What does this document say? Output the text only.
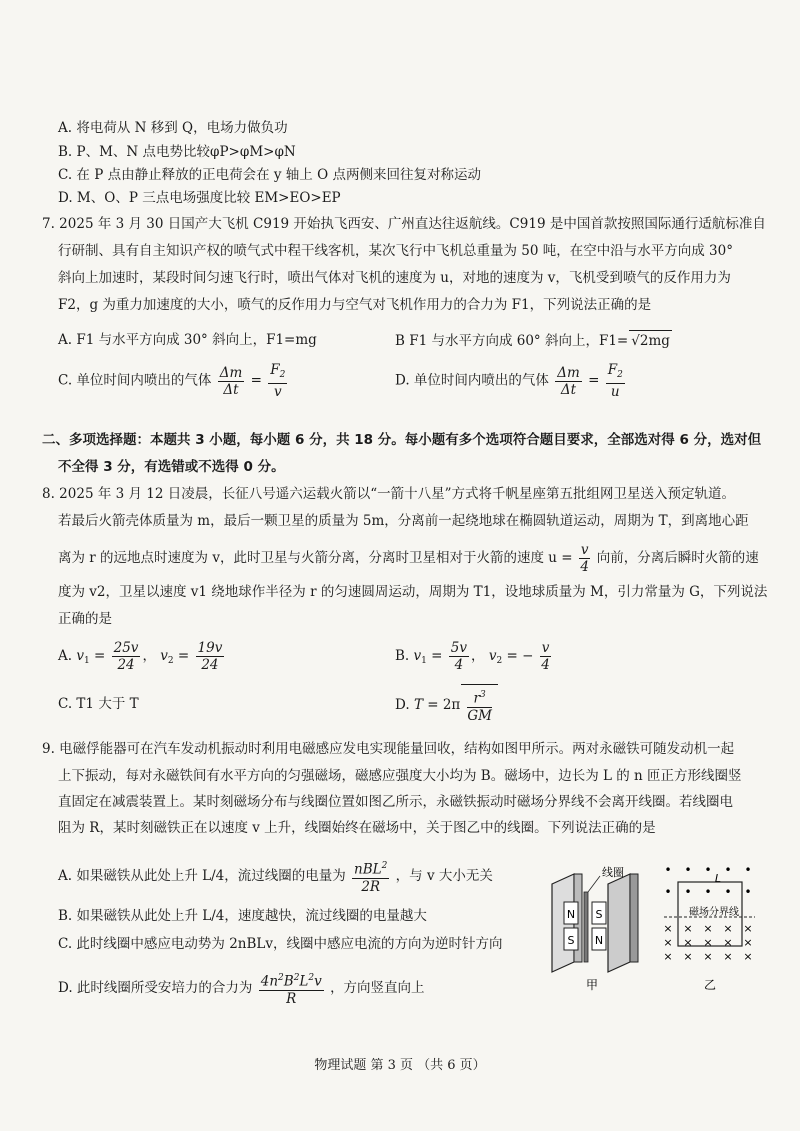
A. 将电荷从 N 移到 Q，电场力做负功
B. P、M、N 点电势比较φP>φM>φN
C. 在 P 点由静止释放的正电荷会在 y 轴上 O 点两侧来回往复对称运动
D. M、O、P 三点电场强度比较 EM>EO>EP
7. 2025 年 3 月 30 日国产大飞机 C919 开始执飞西安、广州直达往返航线。C919 是中国首款按照国际通行适航标准自
行研制、具有自主知识产权的喷气式中程干线客机，某次飞行中飞机总重量为 50 吨，在空中沿与水平方向成 30°
斜向上加速时，某段时间匀速飞行时，喷出气体对飞机的速度为 u，对地的速度为 v，飞机受到喷气的反作用力为
F2，g 为重力加速度的大小，喷气的反作用力与空气对飞机作用力的合力为 F1，下列说法正确的是
A. F1 与水平方向成 30° 斜向上，F1=mg	B F1 与水平方向成 60° 斜向上，F1= √2mg
C. 单位时间内喷出的气体 $\frac{\Delta m}{\Delta t} = \frac{F_2}{v}$	D. 单位时间内喷出的气体 $\frac{\Delta m}{\Delta t} = \frac{F_2}{u}$
二、多项选择题：本题共 3 小题，每小题 6 分，共 18 分。每小题有多个选项符合题目要求，全部选对得 6 分，选对但
不全得 3 分，有选错或不选得 0 分。
8. 2025 年 3 月 12 日凌晨，长征八号遥六运载火箭以“一箭十八星”方式将千帆星座第五批组网卫星送入预定轨道。
若最后火箭壳体质量为 m，最后一颗卫星的质量为 5m，分离前一起绕地球在椭圆轨道运动，周期为 T，到离地心距
离为 r 的远地点时速度为 v，此时卫星与火箭分离，分离时卫星相对于火箭的速度 $u = \frac{v}{4}$ 向前，分离后瞬时火箭的速
度为 v2，卫星以速度 v1 绕地球作半径为 r 的匀速圆周运动，周期为 T1，设地球质量为 M，引力常量为 G，下列说法
正确的是
A. $v_1 = \frac{25v}{24}$ ， $v_2 = \frac{19v}{24}$	B. $v_1 = \frac{5v}{4}$ ， $v_2$ = − $\frac{v}{4}$
C. T1 大于 T	D. $T = 2\pi \frac{r^3}{GM}$
9. 电磁俘能器可在汽车发动机振动时利用电磁感应发电实现能量回收，结构如图甲所示。两对永磁铁可随发动机一起
上下振动，每对永磁铁间有水平方向的匀强磁场，磁感应强度大小均为 B。磁场中，边长为 L 的 n 匝正方形线圈竖
直固定在减震装置上。某时刻磁场分布与线圈位置如图乙所示，永磁铁振动时磁场分界线不会离开线圈。若线圈电
阻为 R，某时刻磁铁正在以速度 v 上升，线圈始终在磁场中，关于图乙中的线圈。下列说法正确的是
A. 如果磁铁从此处上升 L/4，流过线圈的电量为 $\frac{nBL^2}{2R}$ ，与 v 大小无关
B. 如果磁铁从此处上升 L/4，速度越快，流过线圈的电量越大
C. 此时线圈中感应电动势为 2nBLv，线圈中感应电流的方向为逆时针方向
D. 此时线圈所受安培力的合力为 $\frac{4n^2B^2L^2v}{R}$ ，方向竖直向上
N
S
S
N
线圈
甲
L
磁场分界线
• • • • •
• • • • •
× × × × ×
× × × × ×
× × × × ×
乙
物理试题 第 3 页 （共 6 页）
